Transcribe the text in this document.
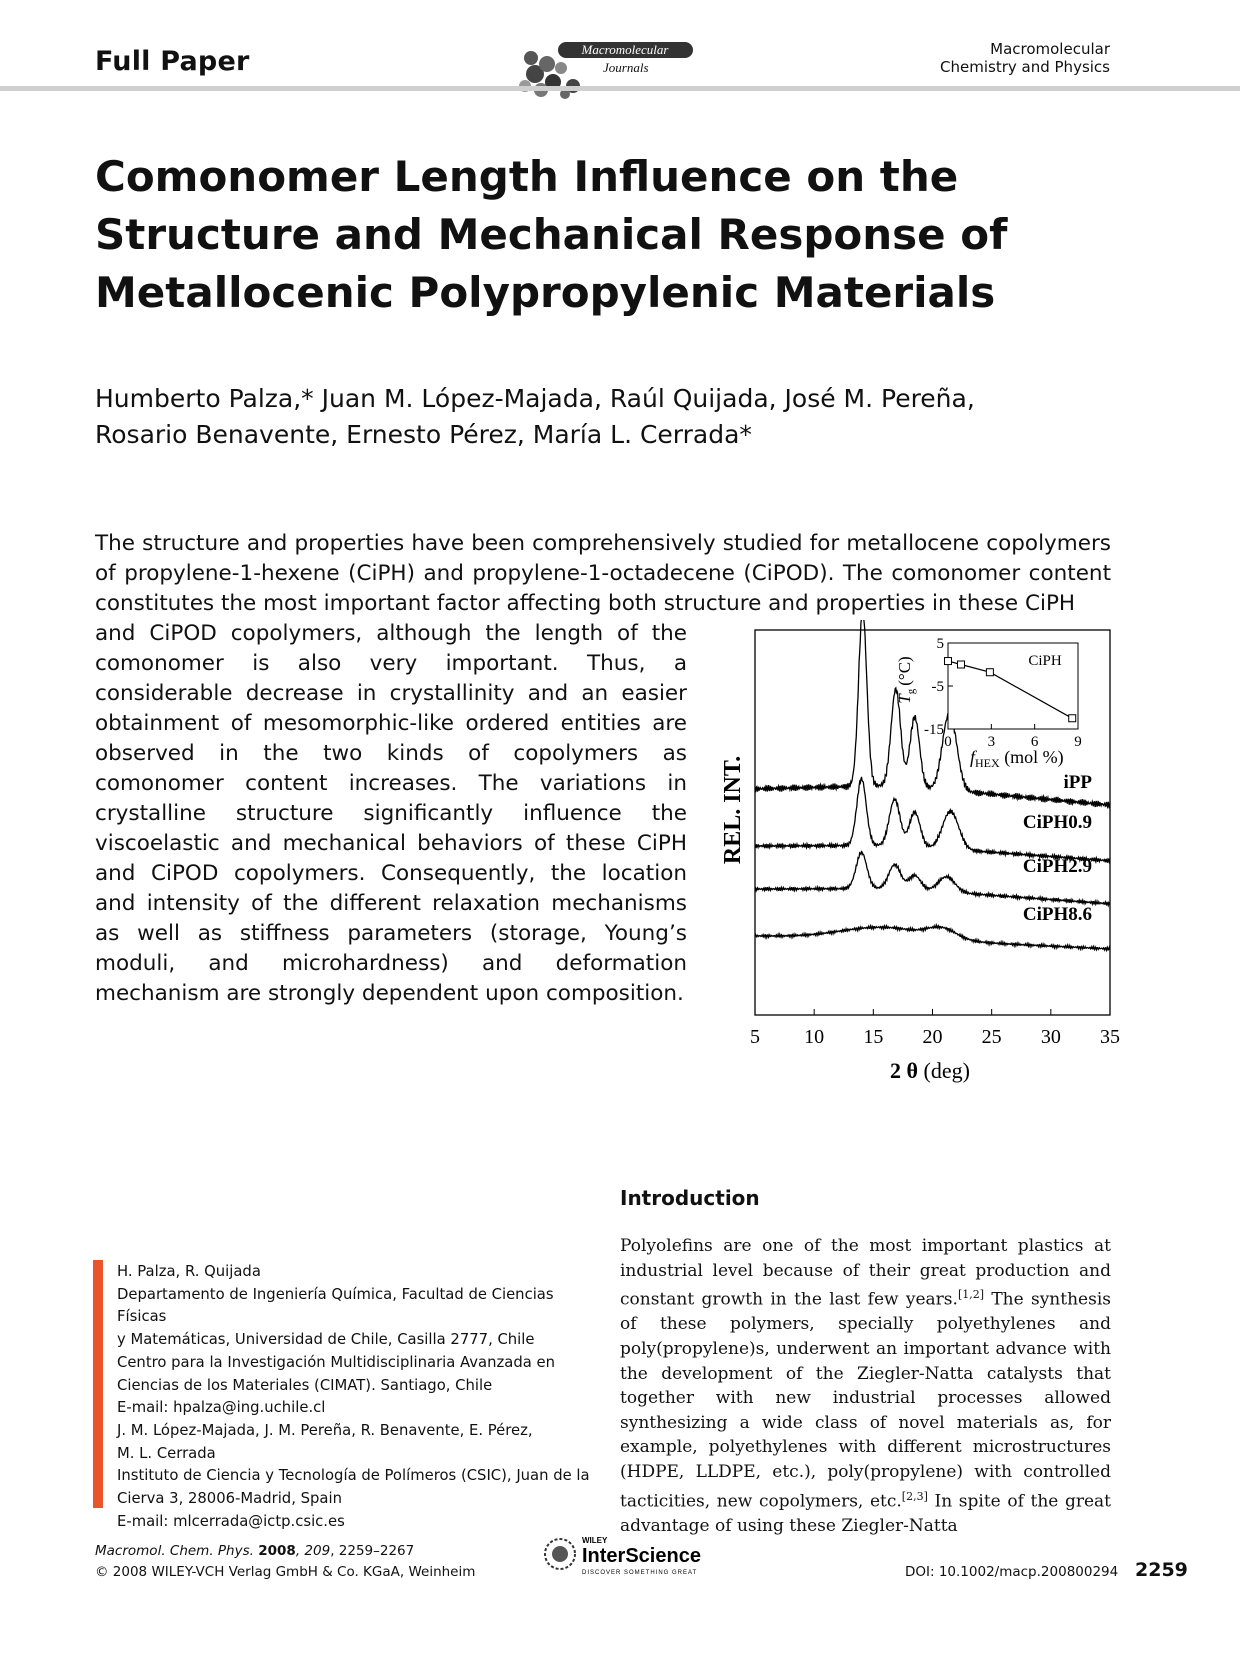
Full Paper	Macromolecular
Journals
Macromolecular
Chemistry and Physics
Comonomer Length Influence on the Structure and Mechanical Response of Metallocenic Polypropylenic Materials
Humberto Palza,* Juan M. López-Majada, Raúl Quijada, José M. Pereña,
Rosario Benavente, Ernesto Pérez, María L. Cerrada*

The structure and properties have been comprehensively studied for metallocene copolymers of propylene-1-hexene (CiPH) and propylene-1-octadecene (CiPOD). The comonomer content constitutes the most important factor affecting both structure and properties in these CiPH

and CiPOD copolymers, although the length of the comonomer is also very important. Thus, a considerable decrease in crystallinity and an easier obtainment of mesomorphic-like ordered entities are observed in the two kinds of copolymers as comonomer content increases. The variations in crystalline structure significantly influence the viscoelastic and mechanical behaviors of these CiPH and CiPOD copolymers. Consequently, the location and intensity of the different relaxation mechanisms as well as stiffness parameters (storage, Young’s moduli, and microhardness) and deformation mechanism are strongly dependent upon composition.

iPP
CiPH0.9
CiPH2.9
CiPH8.6
5 10 15 20 25 30 35
REL. INT.
2 θ (deg)
0 3 6 9
5
-5
-15
CiPH
$T_g(^\circ C)$
$f_{HEX}$ (mol %)
H. Palza, R. Quijada
Departamento de Ingeniería Química, Facultad de Ciencias Físicas
y Matemáticas, Universidad de Chile, Casilla 2777, Chile
Centro para la Investigación Multidisciplinaria Avanzada en
Ciencias de los Materiales (CIMAT). Santiago, Chile
E-mail: hpalza@ing.uchile.cl
J. M. López-Majada, J. M. Pereña, R. Benavente, E. Pérez,
M. L. Cerrada
Instituto de Ciencia y Tecnología de Polímeros (CSIC), Juan de la
Cierva 3, 28006-Madrid, Spain
E-mail: mlcerrada@ictp.csic.es
Introduction

Polyolefins are one of the most important plastics at industrial level because of their great production and constant growth in the last few years.[1,2] The synthesis of these polymers, specially polyethylenes and poly(propylene)s, underwent an important advance with the development of the Ziegler-Natta catalysts that together with new industrial processes allowed synthesizing a wide class of novel materials as, for example, polyethylenes with different microstructures (HDPE, LLDPE, etc.), poly(propylene) with controlled tacticities, new copolymers, etc.[2,3] In spite of the great advantage of using these Ziegler-Natta

Macromol. Chem. Phys. 2008, 209, 2259–2267
© 2008 WILEY-VCH Verlag GmbH & Co. KGaA, Weinheim
WILEY
InterScience
DISCOVER SOMETHING GREAT	DOI: 10.1002/macp.200800294 2259
